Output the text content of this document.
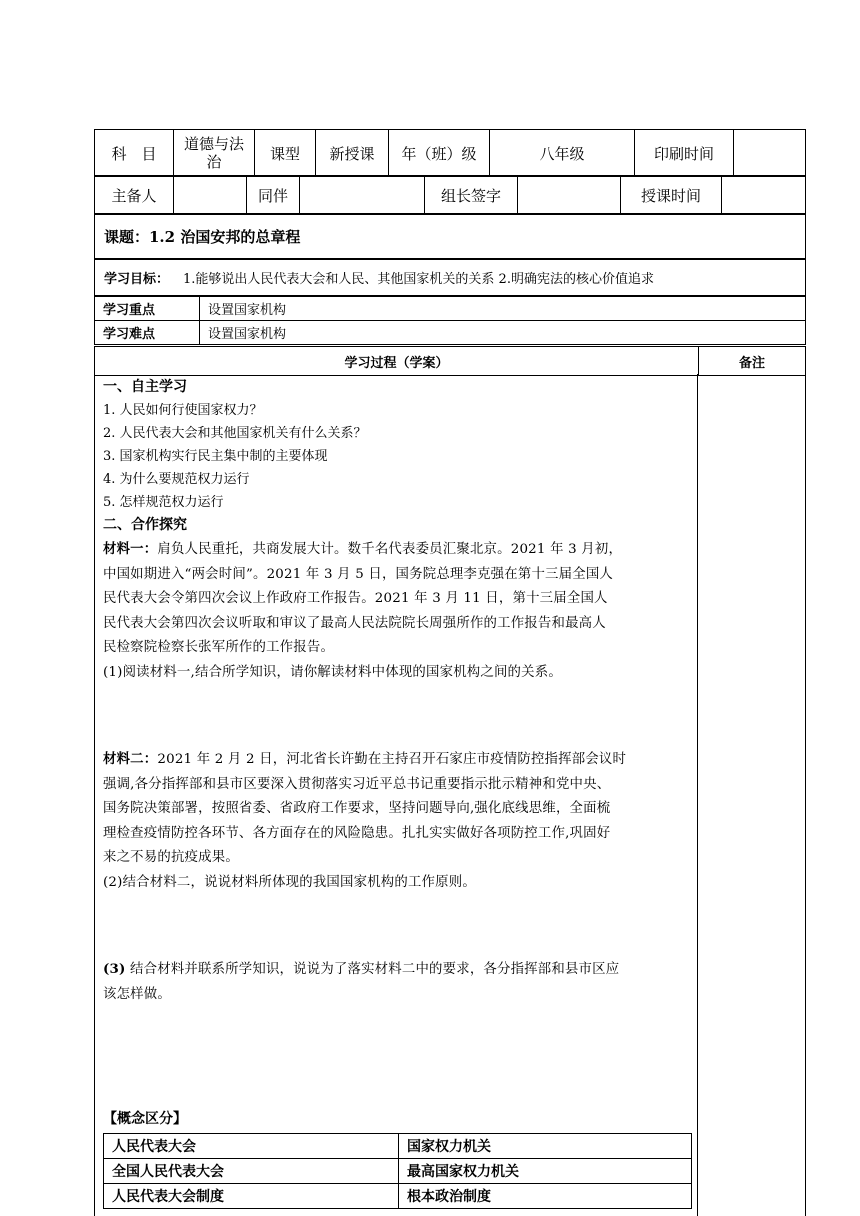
科　目	道德与法治	课型	新授课	年（班）级	八年级	印刷时间	
主备人		同伴		组长签字		授课时间	
课题：1.2 治国安邦的总章程
学习目标： 1.能够说出人民代表大会和人民、其他国家机关的关系 2.明确宪法的核心价值追求
学习重点	设置国家机构
学习难点	设置国家机构
学习过程（学案）	备注
一、自主学习
1. 人民如何行使国家权力？
2. 人民代表大会和其他国家机关有什么关系？
3. 国家机构实行民主集中制的主要体现
4. 为什么要规范权力运行
5. 怎样规范权力运行
二、合作探究
材料一：肩负人民重托，共商发展大计。数千名代表委员汇聚北京。2021 年 3 月初，
中国如期进入“两会时间”。2021 年 3 月 5 日，国务院总理李克强在第十三届全国人
民代表大会令第四次会议上作政府工作报告。2021 年 3 月 11 日，第十三届全国人
民代表大会第四次会议听取和审议了最高人民法院院长周强所作的工作报告和最高人
民检察院检察长张军所作的工作报告。
(1)阅读材料一,结合所学知识，请你解读材料中体现的国家机构之间的关系。
材料二：2021 年 2 月 2 日，河北省长许勤在主持召开石家庄市疫情防控指挥部会议时
强调,各分指挥部和县市区要深入贯彻落实习近平总书记重要指示批示精神和党中央、
国务院决策部署，按照省委、省政府工作要求，坚持问题导向,强化底线思维，全面梳
理检查疫情防控各环节、各方面存在的风险隐患。扎扎实实做好各项防控工作,巩固好
来之不易的抗疫成果。
(2)结合材料二，说说材料所体现的我国国家机构的工作原则。
(3) 结合材料并联系所学知识，说说为了落实材料二中的要求，各分指挥部和县市区应
该怎样做。
【概念区分】
人民代表大会	国家权力机关
全国人民代表大会	最高国家权力机关
人民代表大会制度	根本政治制度
